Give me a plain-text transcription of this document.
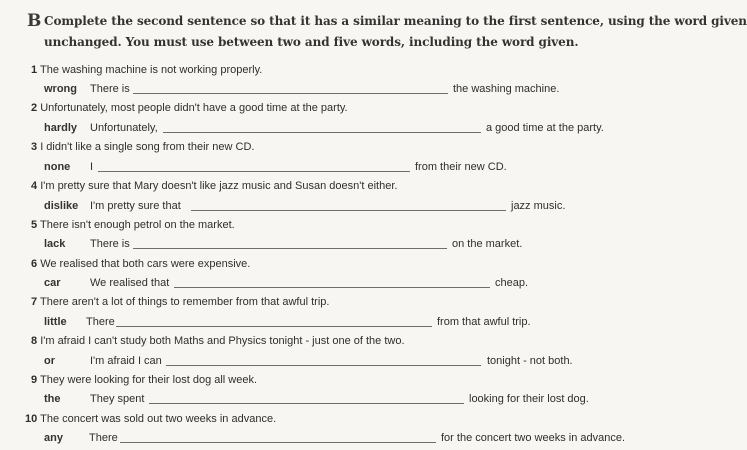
B Complete the second sentence so that it has a similar meaning to the first sentence, using the word given
unchanged. You must use between two and five words, including the word given.
1 The washing machine is not working properly.
wrong There is	the washing machine.
2 Unfortunately, most people didn't have a good time at the party.
hardly Unfortunately,	a good time at the party.
3 I didn't like a single song from their new CD.
none I	from their new CD.
4 I'm pretty sure that Mary doesn't like jazz music and Susan doesn't either.
dislike I'm pretty sure that	jazz music.
5 There isn't enough petrol on the market.
lack There is	on the market.
6 We realised that both cars were expensive.
car	We realised that	cheap.
7 There aren't a lot of things to remember from that awful trip.
little There	from that awful trip.
8 I'm afraid I can't study both Maths and Physics tonight - just one of the two.
or	I'm afraid I can	tonight - not both.
9 They were looking for their lost dog all week.
the	They spent	looking for their lost dog.
10 The concert was sold out two weeks in advance.
any There	for the concert two weeks in advance.
